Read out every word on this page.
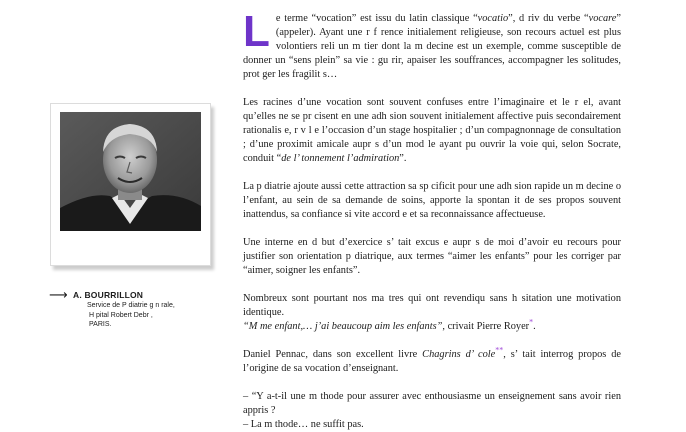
⟶ A. BOURRILLON
Service de P diatrie g n rale,
H pital Robert Debr ,
PARIS.

Le terme “vocation” est issu du latin classique “vocatio”, d riv du verbe “vocare” (appeler). Ayant une r f rence initialement religieuse, son recours actuel est plus volontiers reli un m tier dont la m decine est un exemple, comme susceptible de donner un “sens plein” sa vie : gu rir, apaiser les souffrances, accompagner les solitudes, prot ger les fragilit s…

Les racines d’une vocation sont souvent confuses entre l’imaginaire et le r el, avant qu’elles ne se pr cisent en une adh sion souvent initialement affective puis secondairement rationalis e, r v l e l’occasion d’un stage hospitalier ; d’un compagnonnage de consultation ; d’une proximit amicale aupr s d’un mod le ayant pu ouvrir la voie qui, selon Socrate, conduit “de l’ tonnement l’admiration”.

La p diatrie ajoute aussi cette attraction sa sp cificit pour une adh sion rapide un m decine o l’enfant, au sein de sa demande de soins, apporte la spontan it de ses propos souvent inattendus, sa confiance si vite accord e et sa reconnaissance affectueuse.

Une interne en d but d’exercice s’ tait excus e aupr s de moi d’avoir eu recours pour justifier son orientation p diatrique, aux termes “aimer les enfants” pour les corriger par “aimer, soigner les enfants”.

Nombreux sont pourtant nos ma tres qui ont revendiqu sans h sitation une motivation identique.
“M me enfant,… j’ai beaucoup aim les enfants”, crivait Pierre Royer*.

Daniel Pennac, dans son excellent livre Chagrins d’ cole**, s’ tait interrog propos de l’origine de sa vocation d’enseignant.

– “Y a-t-il une m thode pour assurer avec enthousiasme un enseignement sans avoir rien appris ?

– La m thode… ne suffit pas.
